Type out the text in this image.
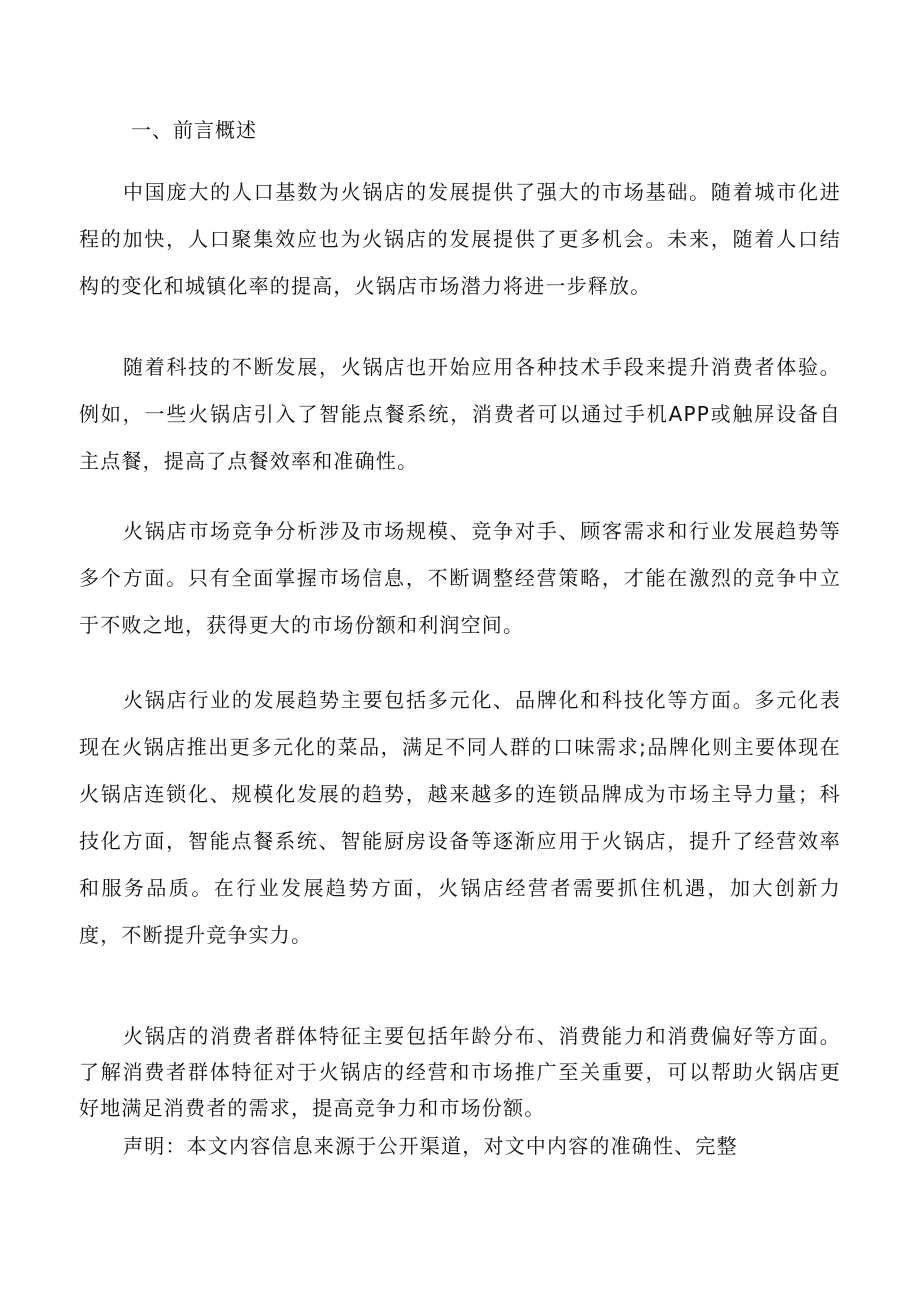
一、前言概述

中国庞大的人口基数为火锅店的发展提供了强大的市场基础。随着城市化进程的加快，人口聚集效应也为火锅店的发展提供了更多机会。未来，随着人口结构的变化和城镇化率的提高，火锅店市场潜力将进一步释放。

随着科技的不断发展，火锅店也开始应用各种技术手段来提升消费者体验。例如，一些火锅店引入了智能点餐系统，消费者可以通过手机APP或触屏设备自主点餐，提高了点餐效率和准确性。

火锅店市场竞争分析涉及市场规模、竞争对手、顾客需求和行业发展趋势等多个方面。只有全面掌握市场信息，不断调整经营策略，才能在激烈的竞争中立于不败之地，获得更大的市场份额和利润空间。

火锅店行业的发展趋势主要包括多元化、品牌化和科技化等方面。多元化表现在火锅店推出更多元化的菜品，满足不同人群的口味需求;品牌化则主要体现在火锅店连锁化、规模化发展的趋势，越来越多的连锁品牌成为市场主导力量；科技化方面，智能点餐系统、智能厨房设备等逐渐应用于火锅店，提升了经营效率和服务品质。在行业发展趋势方面，火锅店经营者需要抓住机遇，加大创新力度，不断提升竞争实力。

火锅店的消费者群体特征主要包括年龄分布、消费能力和消费偏好等方面。了解消费者群体特征对于火锅店的经营和市场推广至关重要，可以帮助火锅店更好地满足消费者的需求，提高竞争力和市场份额。

声明：本文内容信息来源于公开渠道，对文中内容的准确性、完整
